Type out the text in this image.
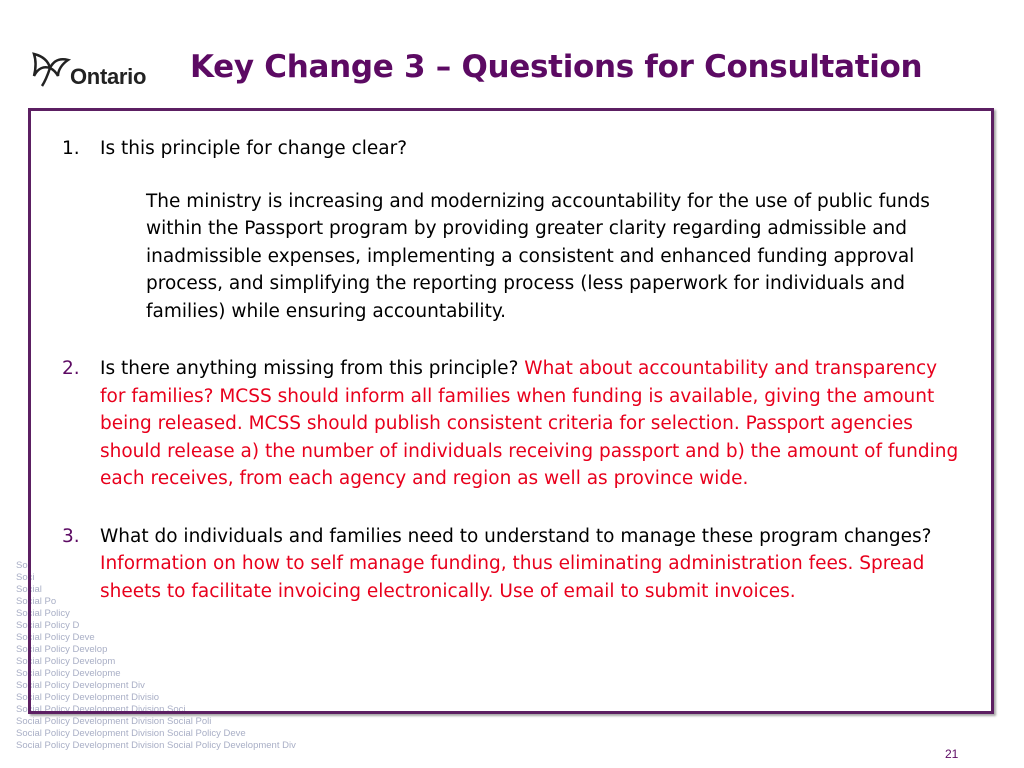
Ontario Key Change 3 – Questions for Consultation
So
Soci
Social
Social Po
Social Policy
Social Policy D
Social Policy Deve
Social Policy Develop
Social Policy Developm
Social Policy Developme
Social Policy Development Div
Social Policy Development Divisio
Social Policy Development Division Soci
Social Policy Development Division Social Poli
Social Policy Development Division Social Policy Deve
Social Policy Development Division Social Policy Development Div
1. Is this principle for change clear?
The ministry is increasing and modernizing accountability for the use of public funds within the Passport program by providing greater clarity regarding admissible and inadmissible expenses, implementing a consistent and enhanced funding approval process, and simplifying the reporting process (less paperwork for individuals and families) while ensuring accountability.
2. Is there anything missing from this principle? What about accountability and transparency for families? MCSS should inform all families when funding is available, giving the amount being released. MCSS should publish consistent criteria for selection. Passport agencies should release a) the number of individuals receiving passport and b) the amount of funding each receives, from each agency and region as well as province wide.
3. What do individuals and families need to understand to manage these program changes? Information on how to self manage funding, thus eliminating administration fees. Spread sheets to facilitate invoicing electronically. Use of email to submit invoices.
21
